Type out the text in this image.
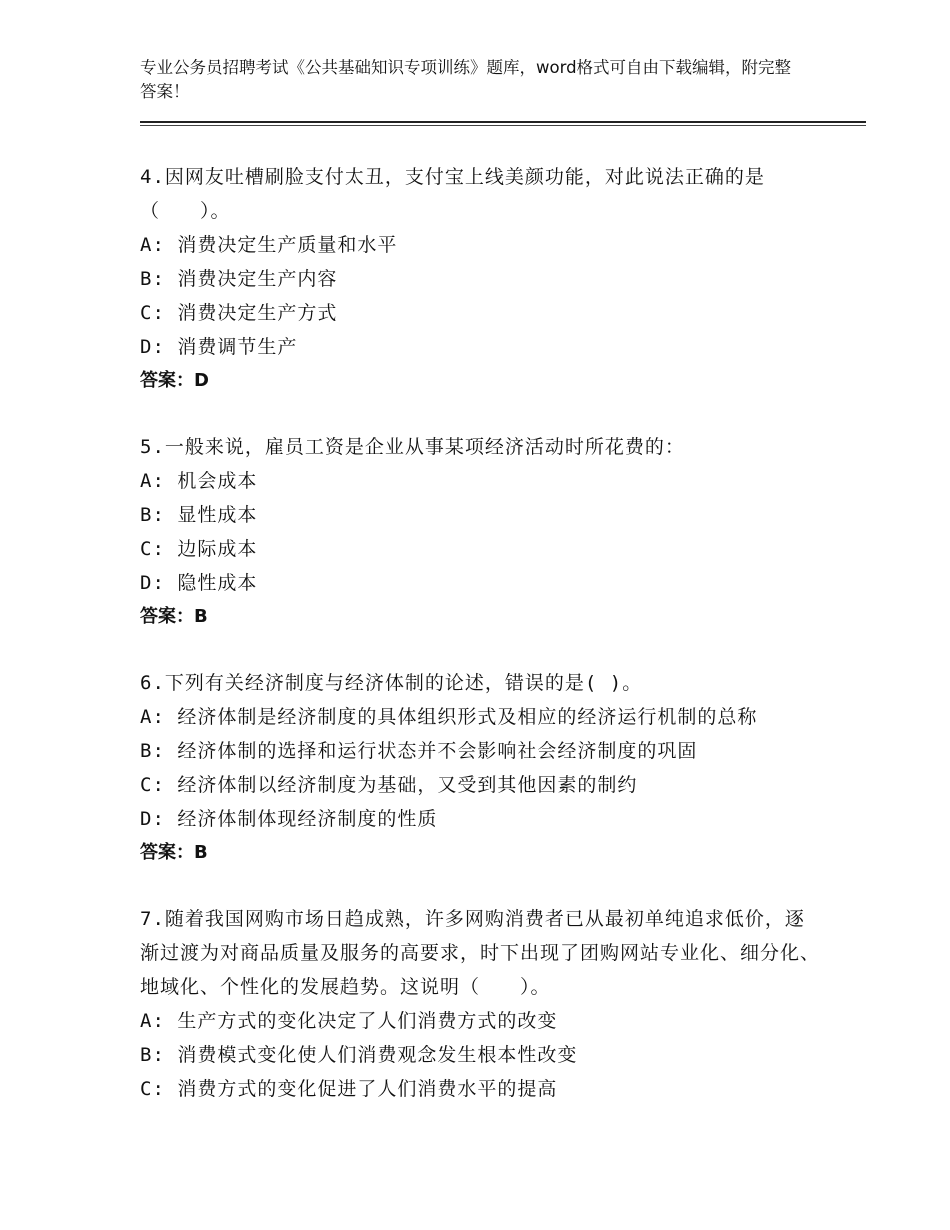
专业公务员招聘考试《公共基础知识专项训练》题库，word格式可自由下载编辑，附完整答案！

4.因网友吐槽刷脸支付太丑，支付宝上线美颜功能，对此说法正确的是（　　）。

A: 消费决定生产质量和水平

B: 消费决定生产内容

C: 消费决定生产方式

D: 消费调节生产

答案：D

5.一般来说，雇员工资是企业从事某项经济活动时所花费的：

A: 机会成本

B: 显性成本

C: 边际成本

D: 隐性成本

答案：B

6.下列有关经济制度与经济体制的论述，错误的是( )。

A: 经济体制是经济制度的具体组织形式及相应的经济运行机制的总称

B: 经济体制的选择和运行状态并不会影响社会经济制度的巩固

C: 经济体制以经济制度为基础，又受到其他因素的制约

D: 经济体制体现经济制度的性质

答案：B

7.随着我国网购市场日趋成熟，许多网购消费者已从最初单纯追求低价，逐渐过渡为对商品质量及服务的高要求，时下出现了团购网站专业化、细分化、地域化、个性化的发展趋势。这说明（　　）。

A: 生产方式的变化决定了人们消费方式的改变

B: 消费模式变化使人们消费观念发生根本性改变

C: 消费方式的变化促进了人们消费水平的提高
